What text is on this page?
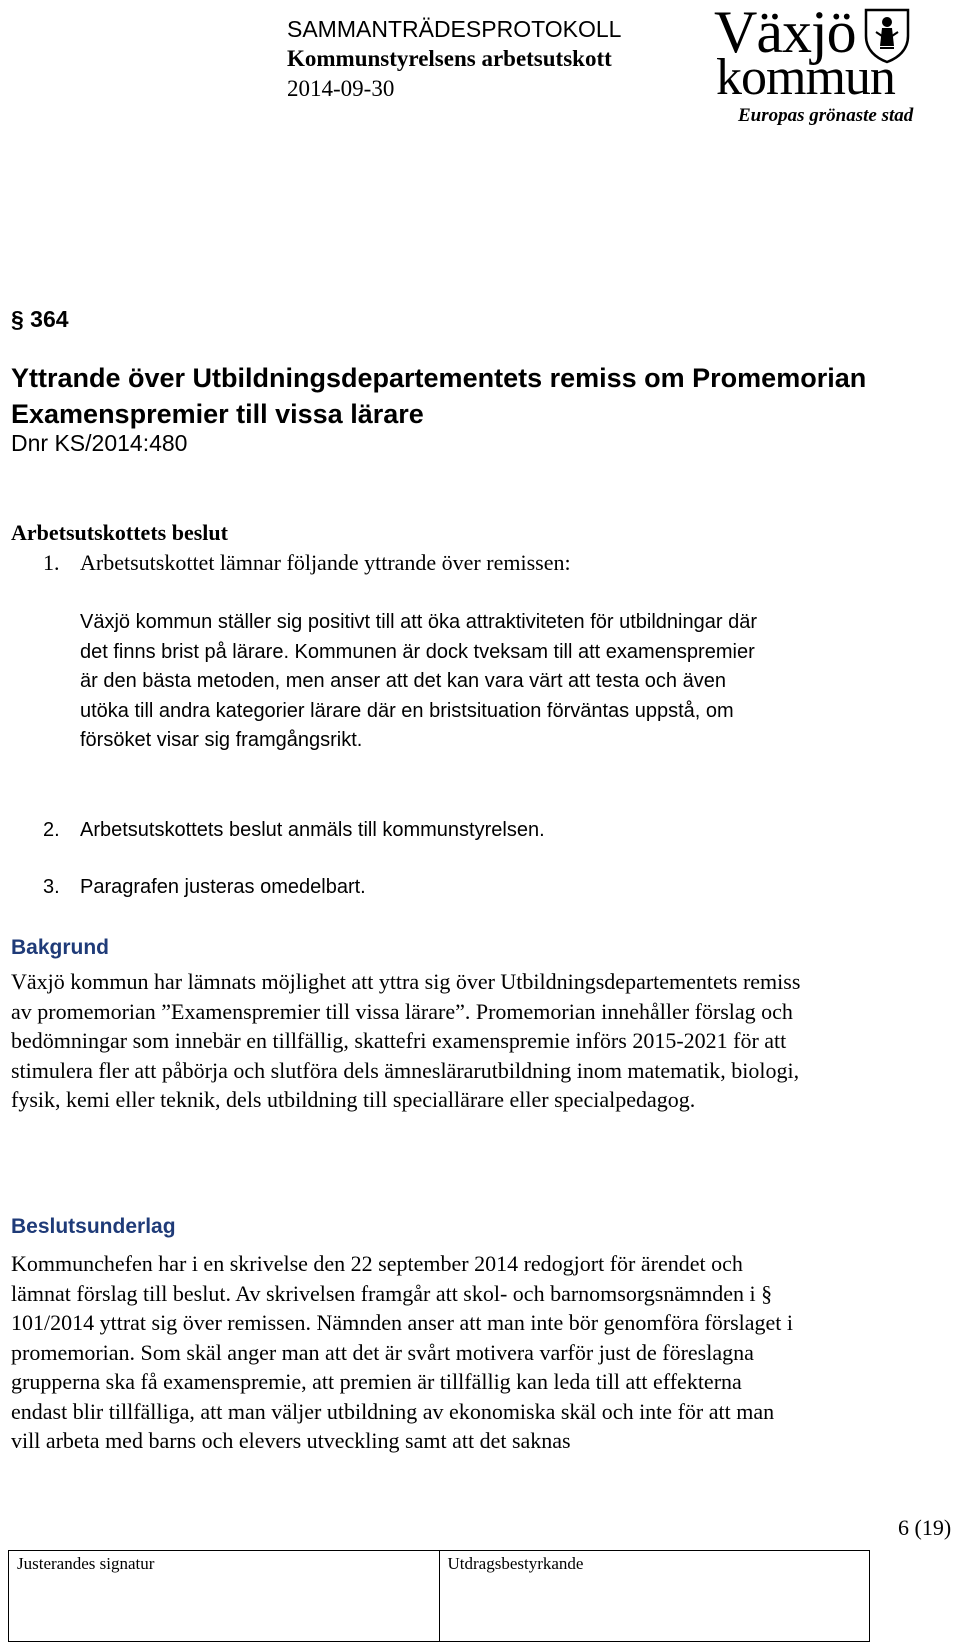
SAMMANTRÄDESPROTOKOLL
Kommunstyrelsens arbetsutskott
2014-09-30
Växjö
kommun
Europas grönaste stad
§ 364
Yttrande över Utbildningsdepartementets remiss om Promemorian Examenspremier till vissa lärare
Dnr KS/2014:480
Arbetsutskottets beslut
1. Arbetsutskottet lämnar följande yttrande över remissen:
Växjö kommun ställer sig positivt till att öka attraktiviteten för utbildningar där det finns brist på lärare. Kommunen är dock tveksam till att examenspremier är den bästa metoden, men anser att det kan vara värt att testa och även utöka till andra kategorier lärare där en bristsituation förväntas uppstå, om försöket visar sig framgångsrikt.
2. Arbetsutskottets beslut anmäls till kommunstyrelsen.
3. Paragrafen justeras omedelbart.
Bakgrund
Växjö kommun har lämnats möjlighet att yttra sig över Utbildningsdepartementets remiss av promemorian ”Examenspremier till vissa lärare”. Promemorian innehåller förslag och bedömningar som innebär en tillfällig, skattefri examenspremie införs 2015-2021 för att stimulera fler att påbörja och slutföra dels ämneslärarutbildning inom matematik, biologi, fysik, kemi eller teknik, dels utbildning till speciallärare eller specialpedagog.
Beslutsunderlag
Kommunchefen har i en skrivelse den 22 september 2014 redogjort för ärendet och lämnat förslag till beslut. Av skrivelsen framgår att skol- och barnomsorgsnämnden i § 101/2014 yttrat sig över remissen. Nämnden anser att man inte bör genomföra förslaget i promemorian. Som skäl anger man att det är svårt motivera varför just de föreslagna grupperna ska få examenspremie, att premien är tillfällig kan leda till att effekterna endast blir tillfälliga, att man väljer utbildning av ekonomiska skäl och inte för att man vill arbeta med barns och elevers utveckling samt att det saknas
6 (19)
Justerandes signatur	Utdragsbestyrkande
